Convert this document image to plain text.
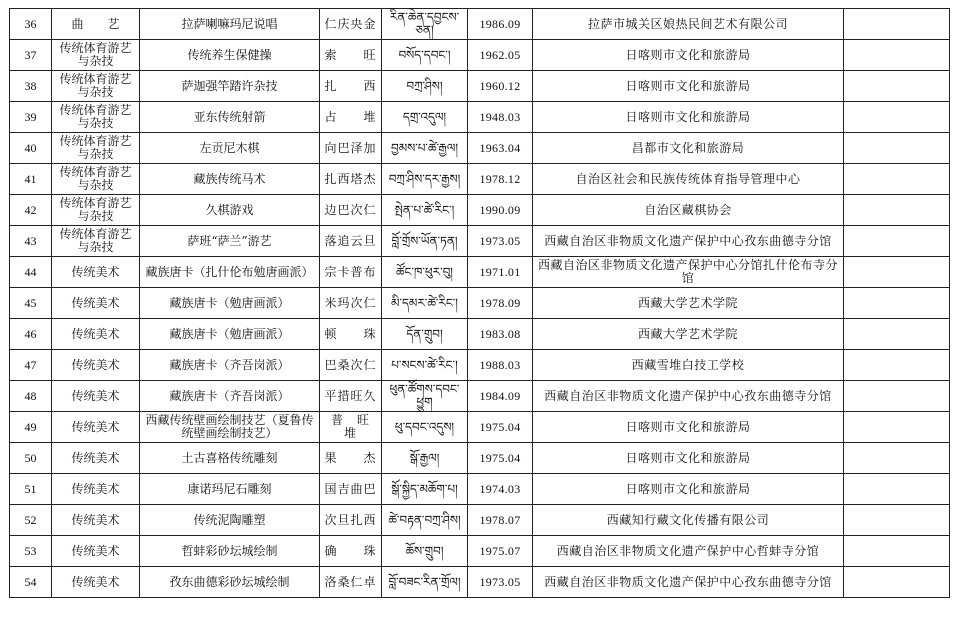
36	曲　　艺	拉萨喇嘛玛尼说唱	仁庆央金	རིན་ཆེན་དབྱངས་ཅན།	1986.09	拉萨市城关区娘热民间艺术有限公司	
37	传统体育游艺与杂技	传统养生保健操	索　　旺	བསོད་དབང་།	1962.05	日喀则市文化和旅游局	
38	传统体育游艺与杂技	萨迦强竿踏许杂技	扎　　西	བཀྲ་ཤིས།	1960.12	日喀则市文化和旅游局	
39	传统体育游艺与杂技	亚东传统射箭	占　　堆	དགྲ་འདུལ།	1948.03	日喀则市文化和旅游局	
40	传统体育游艺与杂技	左贡尼木棋	向巴泽加	བྱམས་པ་ཚེ་རྒྱལ།	1963.04	昌都市文化和旅游局	
41	传统体育游艺与杂技	藏族传统马术	扎西塔杰	བཀྲ་ཤིས་དར་རྒྱས།	1978.12	自治区社会和民族传统体育指导管理中心	
42	传统体育游艺与杂技	久棋游戏	边巴次仁	སྤེན་པ་ཚེ་རིང་།	1990.09	自治区藏棋协会	
43	传统体育游艺与杂技	萨班“萨兰”游艺	落追云旦	བློ་གྲོས་ཡོན་ཏན།	1973.05	西藏自治区非物质文化遗产保护中心孜东曲德寺分馆	
44	传统美术	藏族唐卡（扎什伦布勉唐画派）	宗卡普布	ཚོང་ཁ་ཕུར་བུ།	1971.01	西藏自治区非物质文化遗产保护中心分馆扎什伦布寺分馆	
45	传统美术	藏族唐卡（勉唐画派）	米玛次仁	མི་དམར་ཚེ་རིང་།	1978.09	西藏大学艺术学院	
46	传统美术	藏族唐卡（勉唐画派）	顿　　珠	དོན་གྲུབ།	1983.08	西藏大学艺术学院	
47	传统美术	藏族唐卡（齐吾岗派）	巴桑次仁	པ་སངས་ཚེ་རིང་།	1988.03	西藏雪堆白技工学校	
48	传统美术	藏族唐卡（齐吾岗派）	平措旺久	ཕུན་ཚོགས་དབང་ཕྱུག	1984.09	西藏自治区非物质文化遗产保护中心孜东曲德寺分馆	
49	传统美术	西藏传统壁画绘制技艺（夏鲁传统壁画绘制技艺）	普　旺　堆	ཕུ་དབང་འདུས།	1975.04	日喀则市文化和旅游局	
50	传统美术	土古喜格传统雕刻	果　　杰	སྒོ་རྒྱལ།	1975.04	日喀则市文化和旅游局	
51	传统美术	康诺玛尼石雕刻	国吉曲巴	སྒོ་སྐྱིད་མཆོག་པ།	1974.03	日喀则市文化和旅游局	
52	传统美术	传统泥陶雕塑	次旦扎西	ཚེ་བརྟན་བཀྲ་ཤིས།	1978.07	西藏知行藏文化传播有限公司	
53	传统美术	哲蚌彩砂坛城绘制	确　　珠	ཆོས་གྲུབ།	1975.07	西藏自治区非物质文化遗产保护中心哲蚌寺分馆	
54	传统美术	孜东曲德彩砂坛城绘制	洛桑仁卓	བློ་བཟང་རིན་གྲོལ།	1973.05	西藏自治区非物质文化遗产保护中心孜东曲德寺分馆	
